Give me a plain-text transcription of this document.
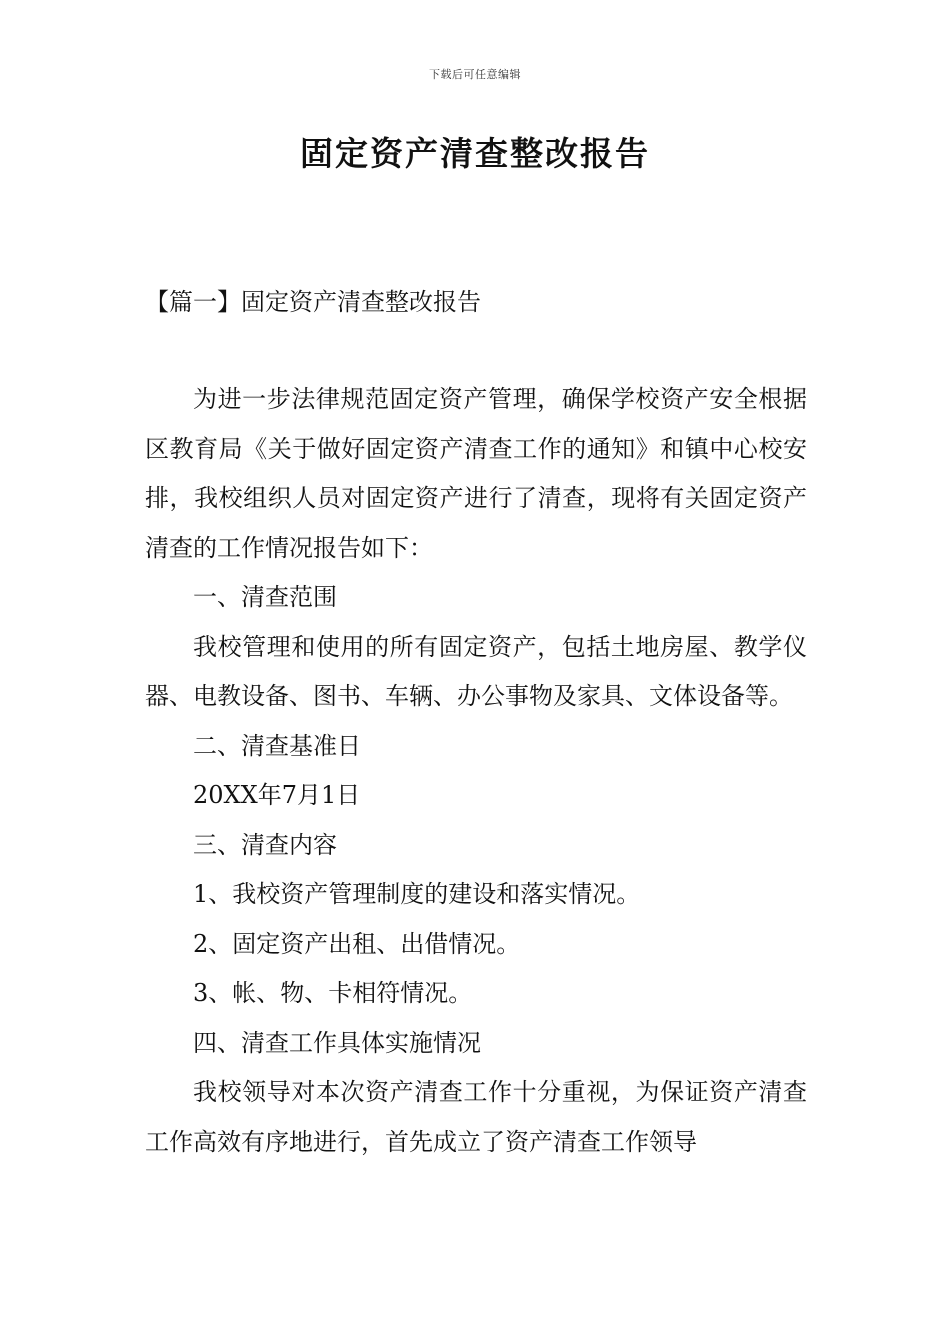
下载后可任意编辑
固定资产清查整改报告
【篇一】固定资产清查整改报告

为进一步法律规范固定资产管理，确保学校资产安全根据区教育局《关于做好固定资产清查工作的通知》和镇中心校安排，我校组织人员对固定资产进行了清查，现将有关固定资产清查的工作情况报告如下：

一、清查范围

我校管理和使用的所有固定资产，包括土地房屋、教学仪器、电教设备、图书、车辆、办公事物及家具、文体设备等。

二、清查基准日

20XX年7月1日

三、清查内容

1、我校资产管理制度的建设和落实情况。

2、固定资产出租、出借情况。

3、帐、物、卡相符情况。

四、清查工作具体实施情况

我校领导对本次资产清查工作十分重视，为保证资产清查工作高效有序地进行，首先成立了资产清查工作领导
